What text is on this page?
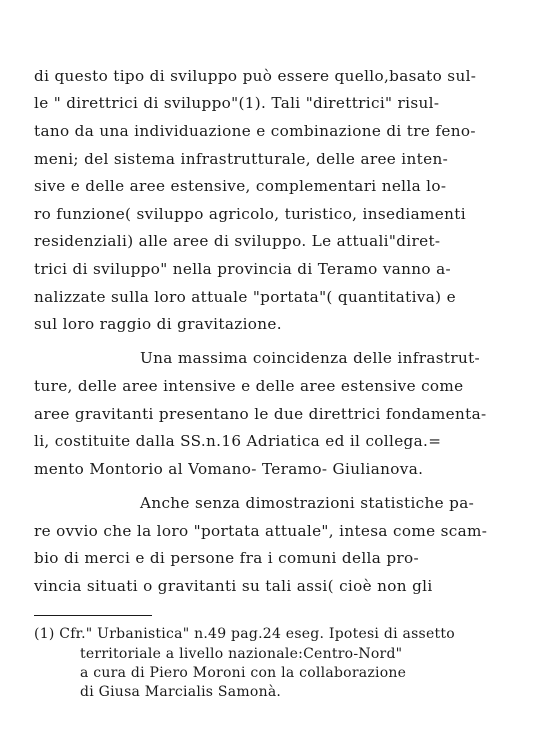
di questo tipo di sviluppo può essere quello,basato sul-
le " direttrici di sviluppo"(1). Tali "direttrici" risul-
tano da una individuazione e combinazione di tre feno-
meni; del sistema infrastrutturale, delle aree inten-
sive e delle aree estensive, complementari nella lo-
ro funzione( sviluppo agricolo, turistico, insediamenti
residenziali) alle aree di sviluppo. Le attuali"diret-
trici di sviluppo" nella provincia di Teramo vanno a-
nalizzate sulla loro attuale "portata"( quantitativa) e
sul loro raggio di gravitazione.
Una massima coincidenza delle infrastrut-
ture, delle aree intensive e delle aree estensive come
aree gravitanti presentano le due direttrici fondamenta-
li, costituite dalla SS.n.16 Adriatica ed il collega.=
mento Montorio al Vomano- Teramo- Giulianova.
Anche senza dimostrazioni statistiche pa-
re ovvio che la loro "portata attuale", intesa come scam-
bio di merci e di persone fra i comuni della pro-
vincia situati o gravitanti su tali assi( cioè non gli
(1) Cfr." Urbanistica" n.49 pag.24 eseg. Ipotesi di assetto
territoriale a livello nazionale:Centro-Nord"
a cura di Piero Moroni con la collaborazione
di Giusa Marcialis Samonà.
